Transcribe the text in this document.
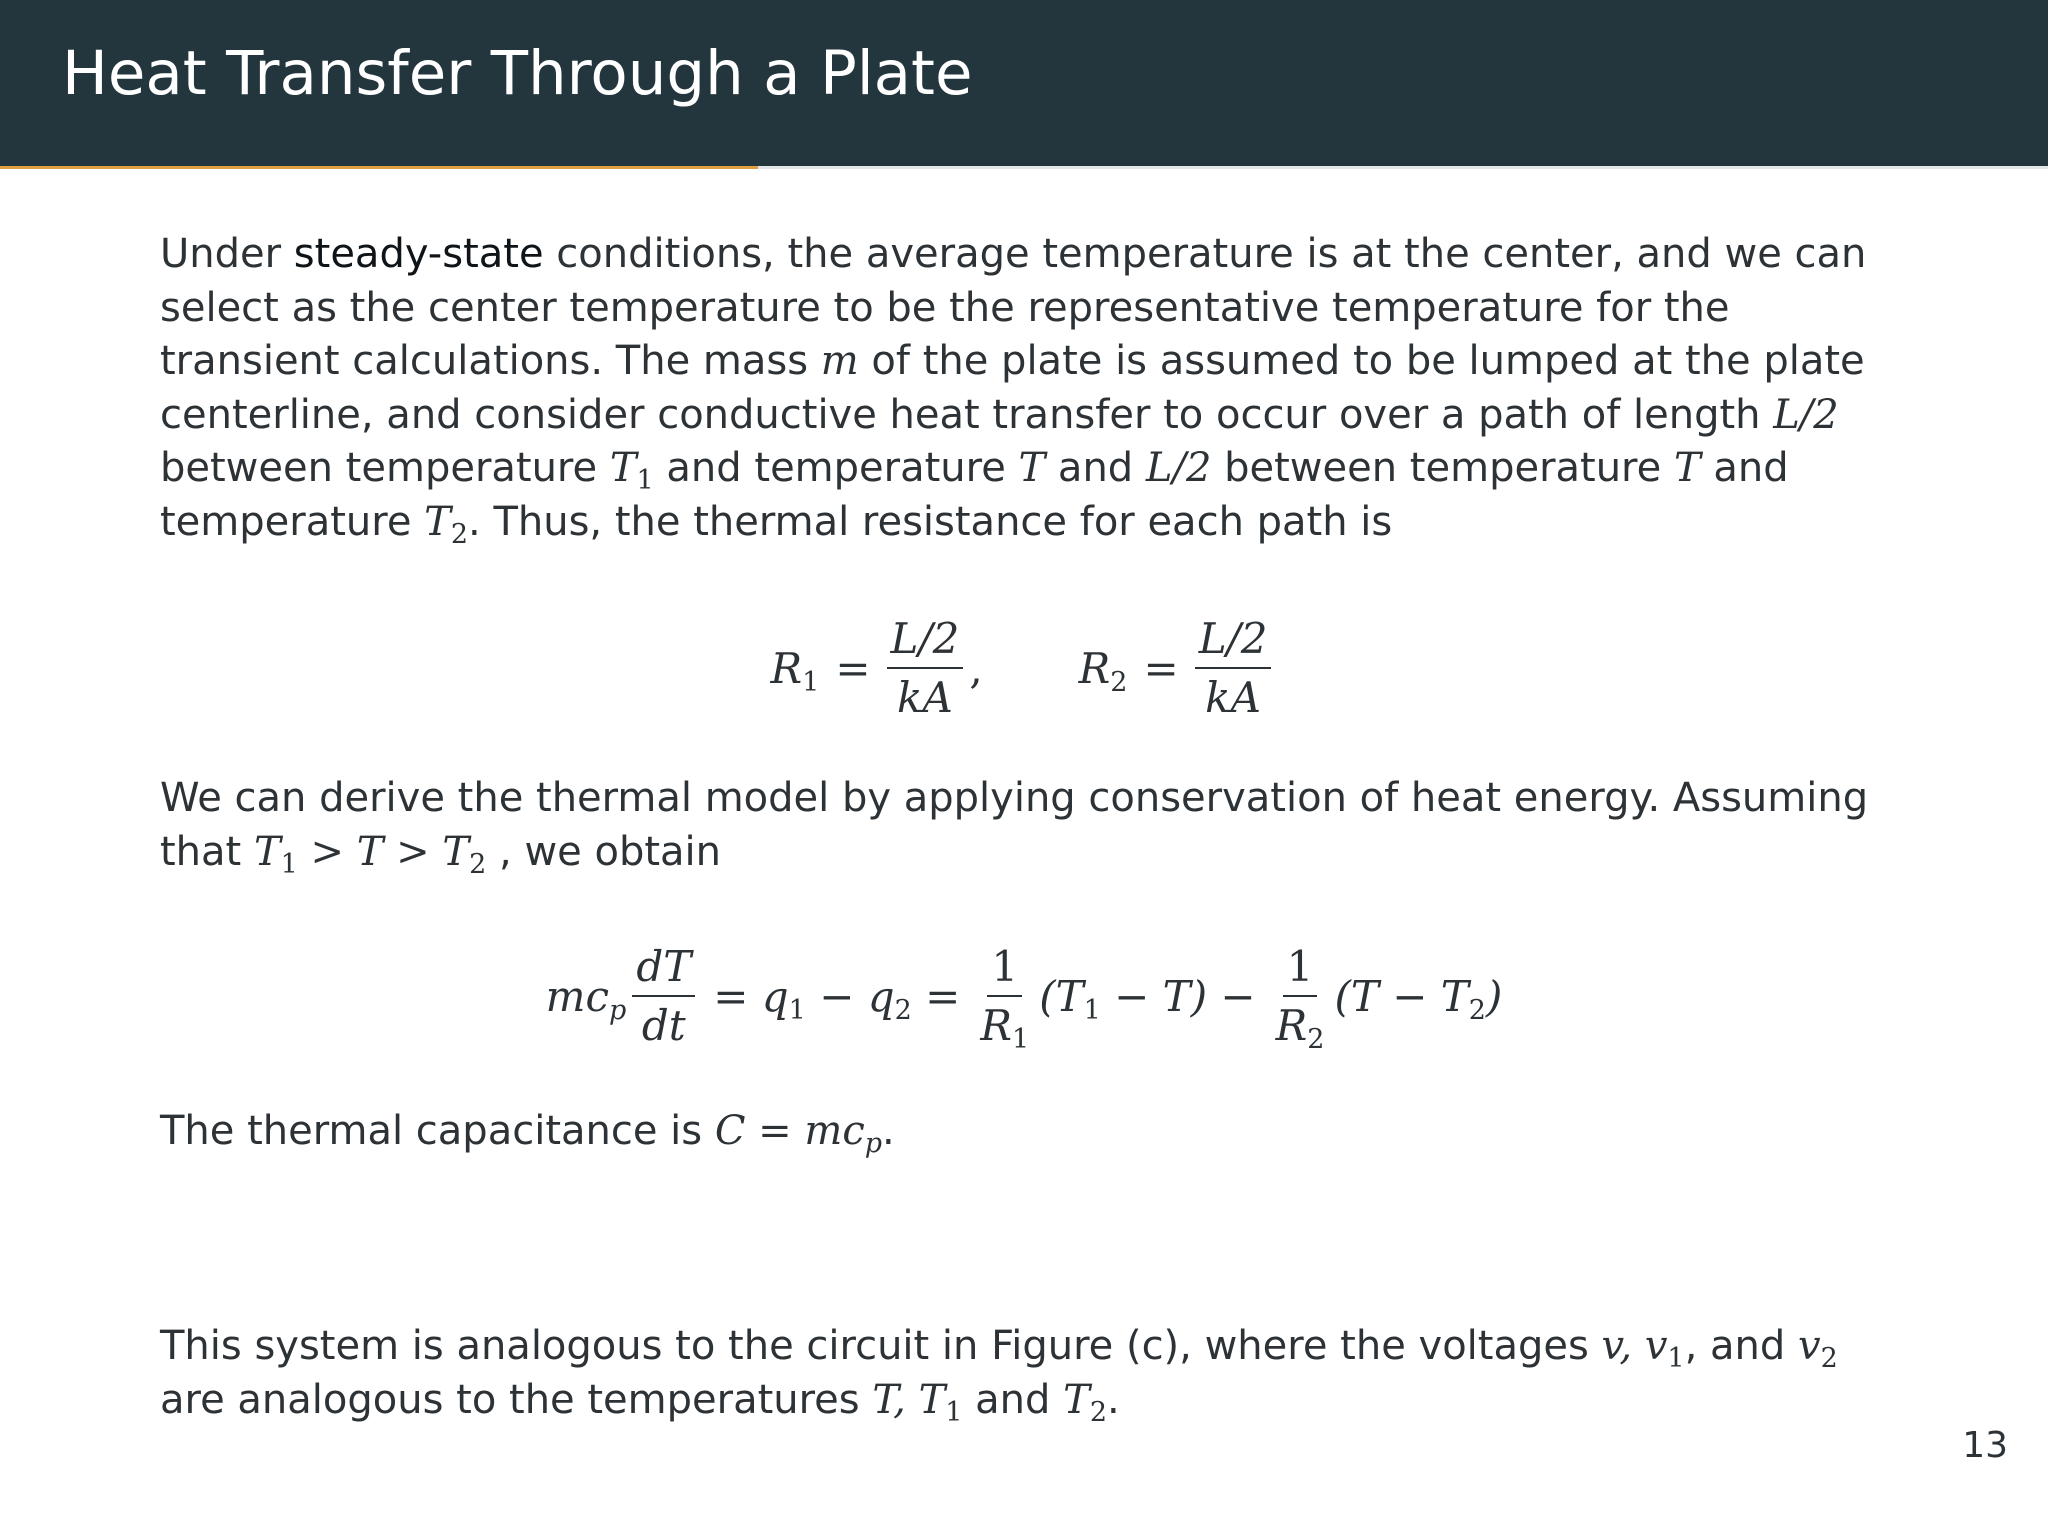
Heat Transfer Through a Plate
Under steady-state conditions, the average temperature is at the center, and we can select as the center temperature to be the representative temperature for the transient calculations. The mass m of the plate is assumed to be lumped at the plate centerline, and consider conductive heat transfer to occur over a path of length L/2 between temperature $T_1$ and temperature T and L/2 between temperature T and temperature $T_2$. Thus, the thermal resistance for each path is
$R_1 = \frac{L/2}{kA}$ , $R_2 = \frac{L/2}{kA}$
We can derive the thermal model by applying conservation of heat energy. Assuming that $T_1 > T > T_2$ , we obtain
$mc_p \frac{dT}{dt} = q_1 - q_2 = \frac{1}{R_1} (T_1 - T) - \frac{1}{R_2} (T - T_2)$
The thermal capacitance is $C = mc_p$.
This system is analogous to the circuit in Figure (c), where the voltages v, $v_1$, and $v_2$ are analogous to the temperatures T, $T_1$ and $T_2$.
13
